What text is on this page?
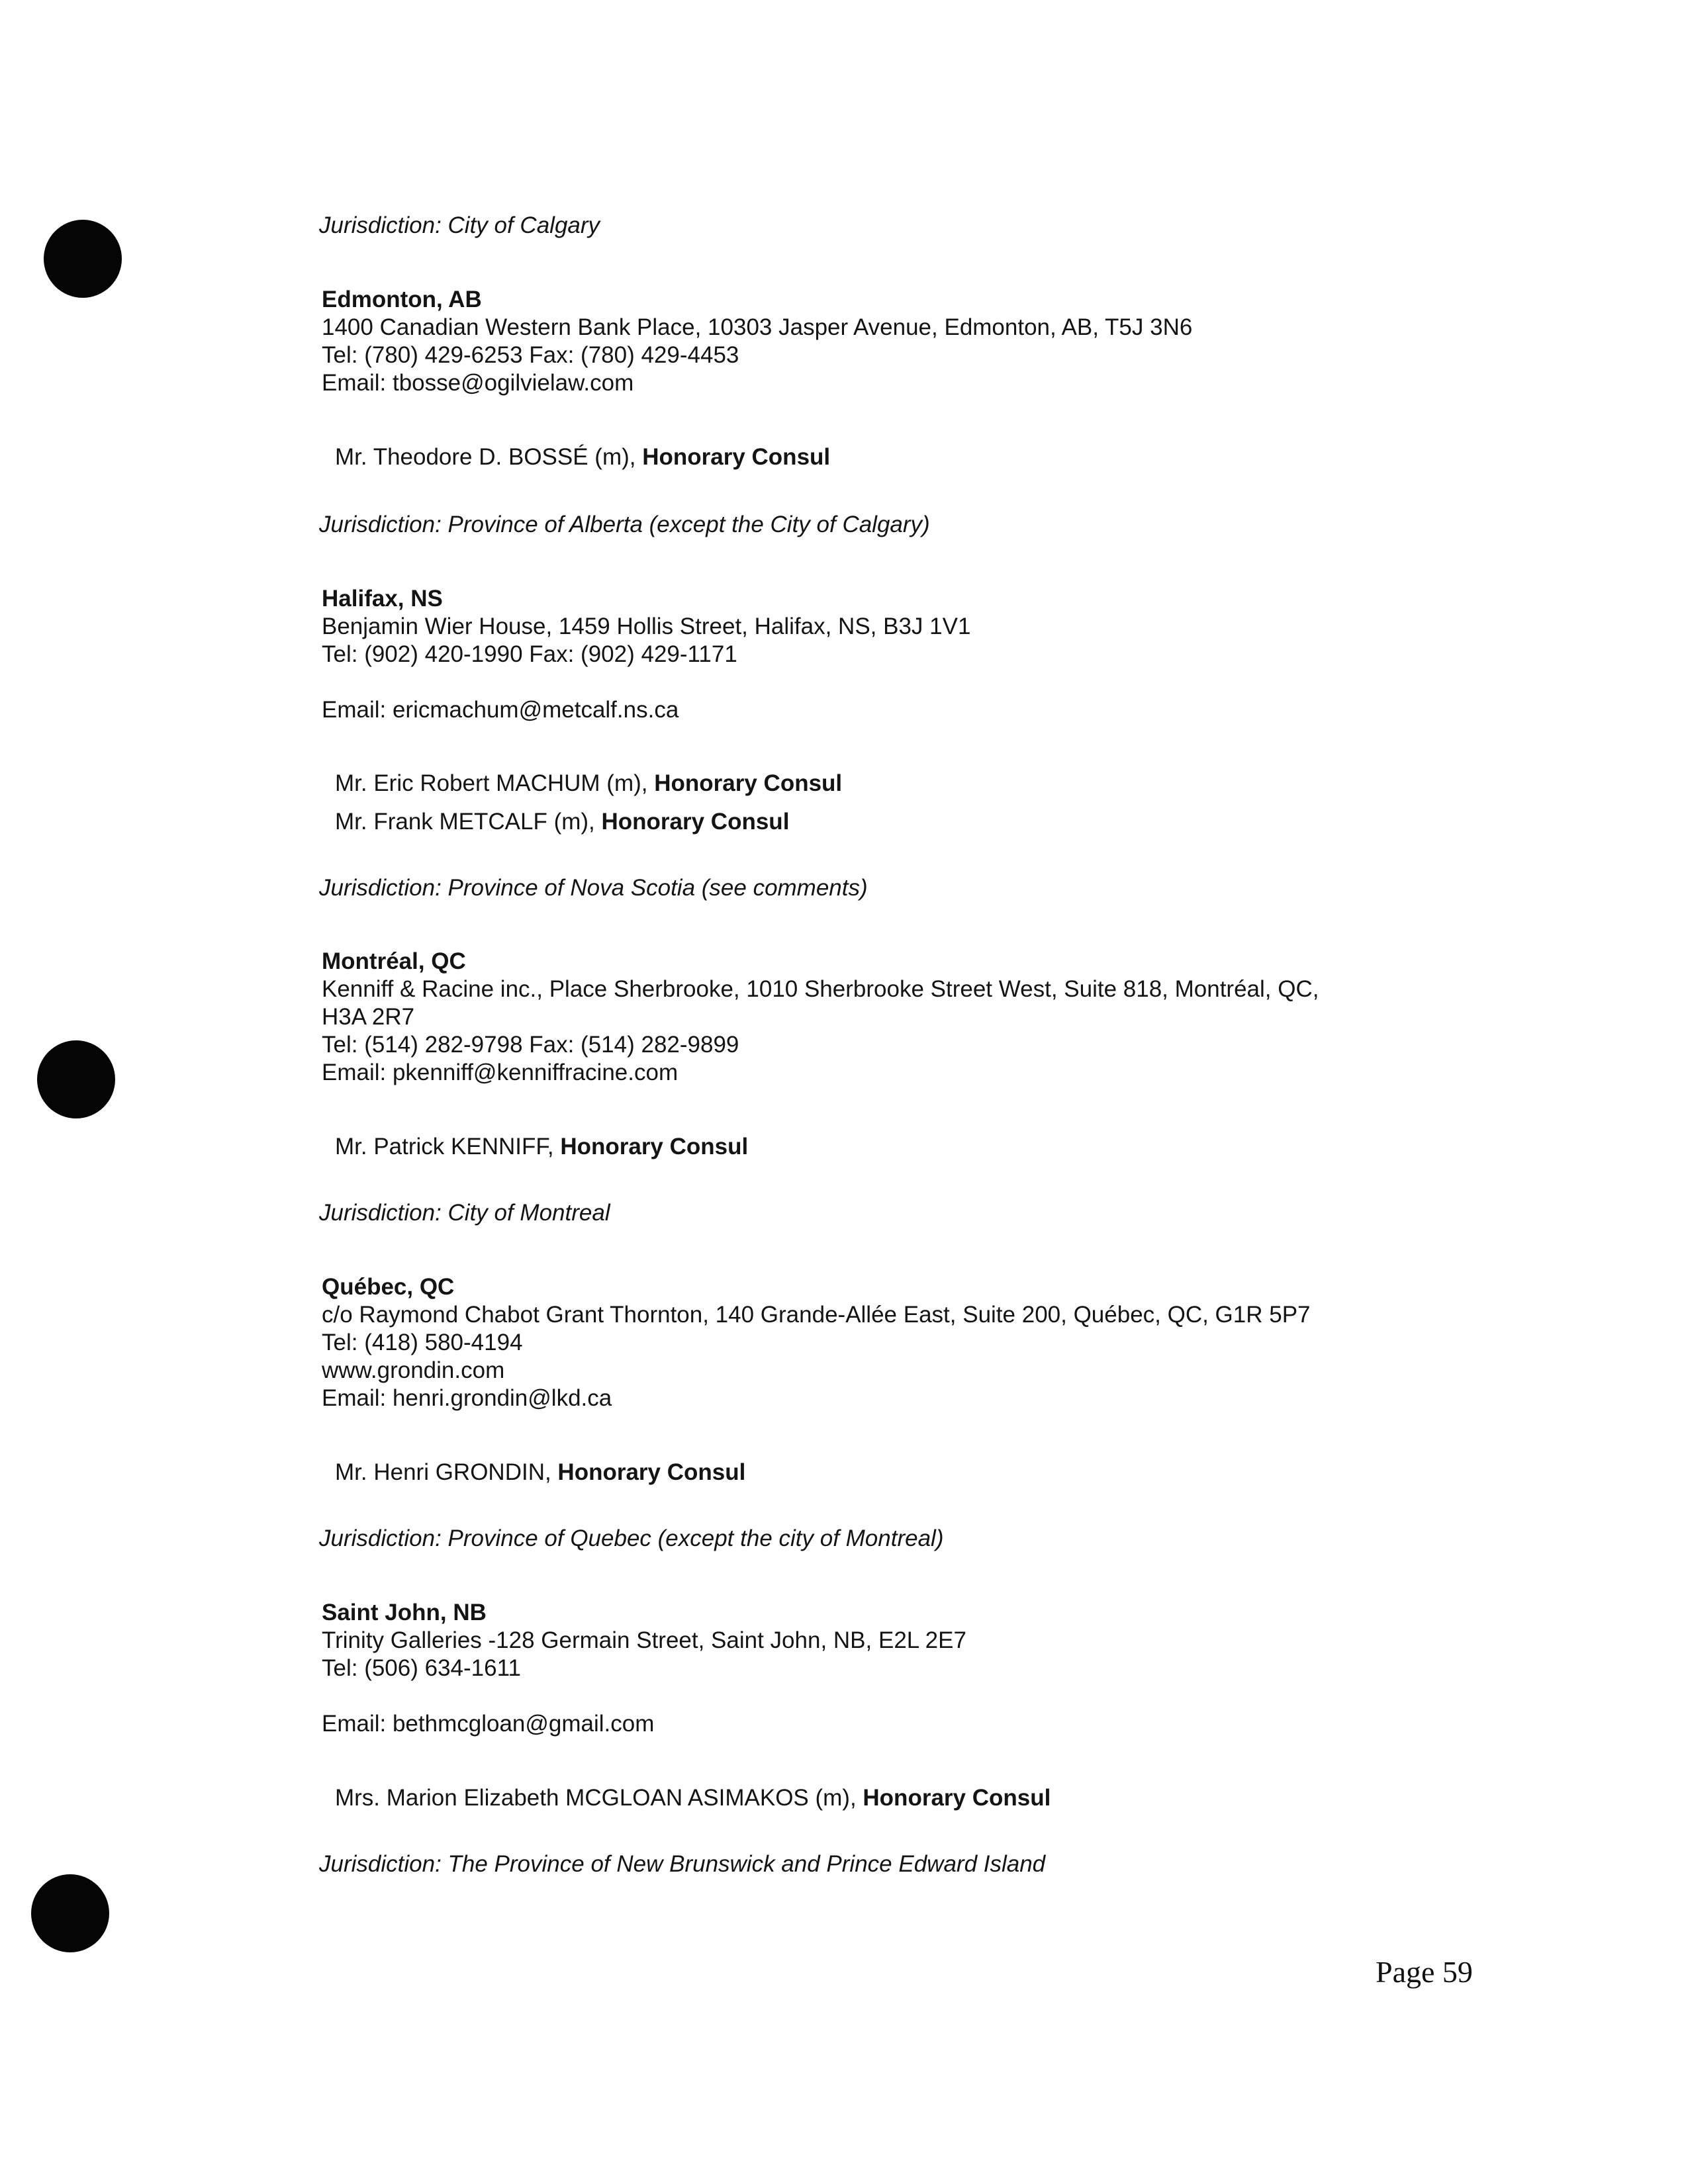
Jurisdiction: City of Calgary
Edmonton, AB
1400 Canadian Western Bank Place, 10303 Jasper Avenue, Edmonton, AB, T5J 3N6
Tel: (780) 429-6253 Fax: (780) 429-4453
Email: tbosse@ogilvielaw.com
Mr. Theodore D. BOSSÉ (m), Honorary Consul
Jurisdiction: Province of Alberta (except the City of Calgary)
Halifax, NS
Benjamin Wier House, 1459 Hollis Street, Halifax, NS, B3J 1V1
Tel: (902) 420-1990 Fax: (902) 429-1171
Email: ericmachum@metcalf.ns.ca
Mr. Eric Robert MACHUM (m), Honorary Consul
Mr. Frank METCALF (m), Honorary Consul
Jurisdiction: Province of Nova Scotia (see comments)
Montréal, QC
Kenniff & Racine inc., Place Sherbrooke, 1010 Sherbrooke Street West, Suite 818, Montréal, QC,
H3A 2R7
Tel: (514) 282-9798 Fax: (514) 282-9899
Email: pkenniff@kenniffracine.com
Mr. Patrick KENNIFF, Honorary Consul
Jurisdiction: City of Montreal
Québec, QC
c/o Raymond Chabot Grant Thornton, 140 Grande-Allée East, Suite 200, Québec, QC, G1R 5P7
Tel: (418) 580-4194
www.grondin.com
Email: henri.grondin@lkd.ca
Mr. Henri GRONDIN, Honorary Consul
Jurisdiction: Province of Quebec (except the city of Montreal)
Saint John, NB
Trinity Galleries -128 Germain Street, Saint John, NB, E2L 2E7
Tel: (506) 634-1611
Email: bethmcgloan@gmail.com
Mrs. Marion Elizabeth MCGLOAN ASIMAKOS (m), Honorary Consul
Jurisdiction: The Province of New Brunswick and Prince Edward Island
Page 59
